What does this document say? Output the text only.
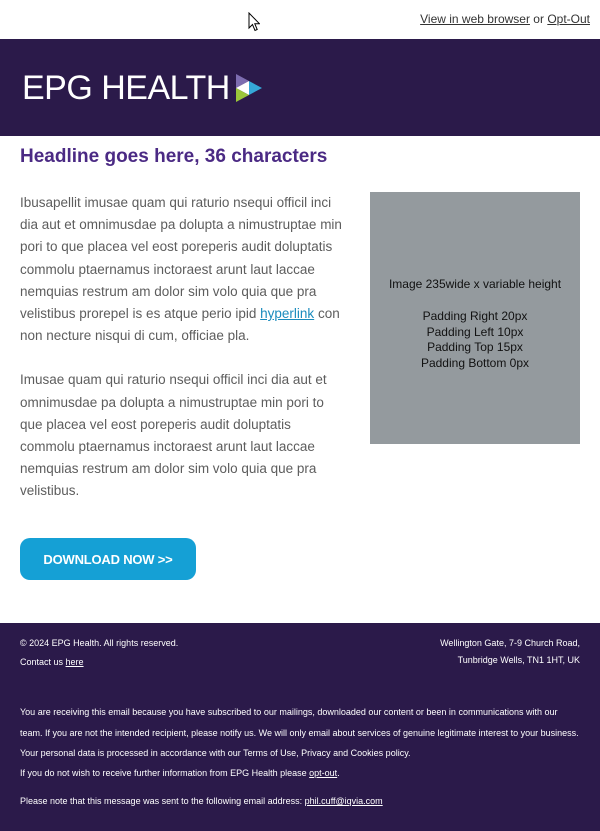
View in web browser or Opt-Out
EPG HEALTH
Headline goes here, 36 characters

Ibusapellit imusae quam qui raturio nsequi officil inci dia aut et omnimusdae pa dolupta a nimustruptae min pori to que placea vel eost poreperis audit doluptatis commolu ptaernamus inctoraest arunt laut laccae nemquias restrum am dolor sim volo quia que pra velistibus prorepel is es atque perio ipid hyperlink con non necture nisqui di cum, officiae pla.

Imusae quam qui raturio nsequi officil inci dia aut et omnimusdae pa dolupta a nimustruptae min pori to que placea vel eost poreperis audit doluptatis commolu ptaernamus inctoraest arunt laut laccae nemquias restrum am dolor sim volo quia que pra velistibus.

Image 235wide x variable height
Padding Right 20px
Padding Left 10px
Padding Top 15px
Padding Bottom 0px
DOWNLOAD NOW >>
© 2024 EPG Health. All rights reserved.
Contact us here
Wellington Gate, 7-9 Church Road,
Tunbridge Wells, TN1 1HT, UK
You are receiving this email because you have subscribed to our mailings, downloaded our content or been in communications with our team. If you are not the intended recipient, please notify us. We will only email about services of genuine legitimate interest to your business. Your personal data is processed in accordance with our Terms of Use, Privacy and Cookies policy.
If you do not wish to receive further information from EPG Health please opt-out.
Please note that this message was sent to the following email address: phil.cuff@iqvia.com
